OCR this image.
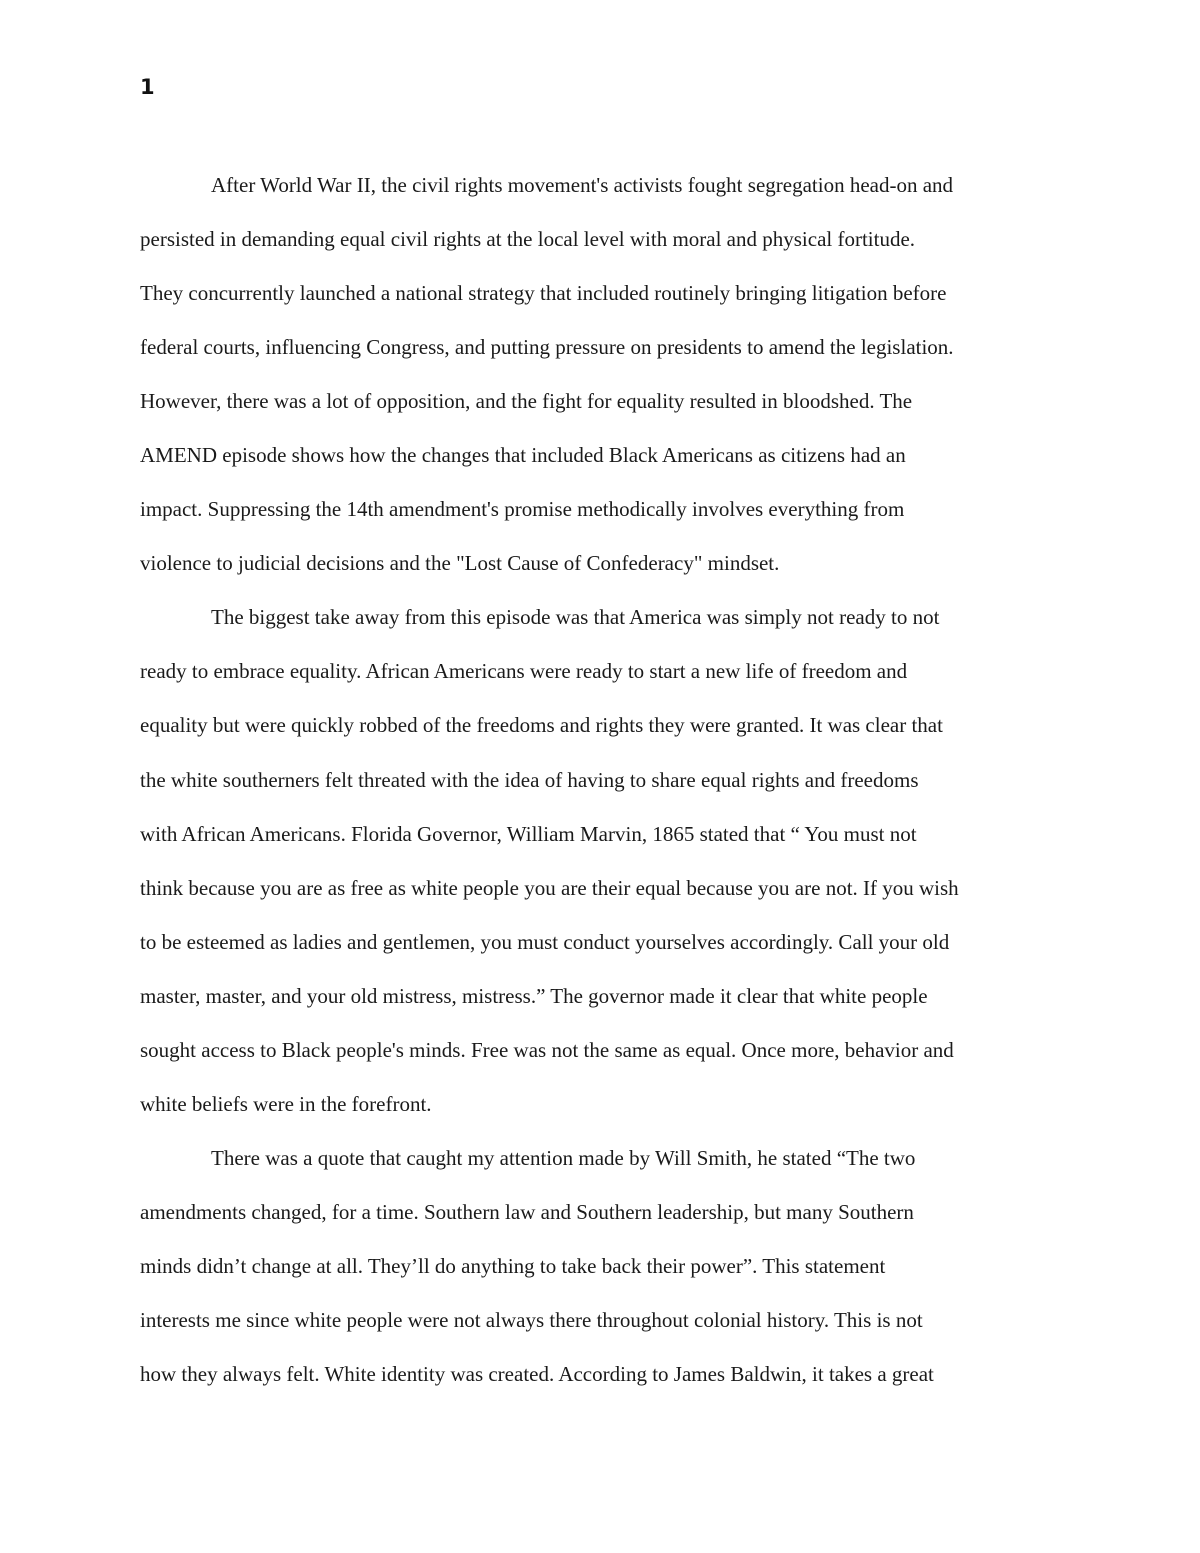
1
After World War II, the civil rights movement's activists fought segregation head-on and
persisted in demanding equal civil rights at the local level with moral and physical fortitude.
They concurrently launched a national strategy that included routinely bringing litigation before
federal courts, influencing Congress, and putting pressure on presidents to amend the legislation.
However, there was a lot of opposition, and the fight for equality resulted in bloodshed. The
AMEND episode shows how the changes that included Black Americans as citizens had an
impact. Suppressing the 14th amendment's promise methodically involves everything from
violence to judicial decisions and the "Lost Cause of Confederacy" mindset.
The biggest take away from this episode was that America was simply not ready to not
ready to embrace equality. African Americans were ready to start a new life of freedom and
equality but were quickly robbed of the freedoms and rights they were granted. It was clear that
the white southerners felt threated with the idea of having to share equal rights and freedoms
with African Americans. Florida Governor, William Marvin, 1865 stated that “ You must not
think because you are as free as white people you are their equal because you are not. If you wish
to be esteemed as ladies and gentlemen, you must conduct yourselves accordingly. Call your old
master, master, and your old mistress, mistress.” The governor made it clear that white people
sought access to Black people's minds. Free was not the same as equal. Once more, behavior and
white beliefs were in the forefront.
There was a quote that caught my attention made by Will Smith, he stated “The two
amendments changed, for a time. Southern law and Southern leadership, but many Southern
minds didn’t change at all. They’ll do anything to take back their power”. This statement
interests me since white people were not always there throughout colonial history. This is not
how they always felt. White identity was created. According to James Baldwin, it takes a great
